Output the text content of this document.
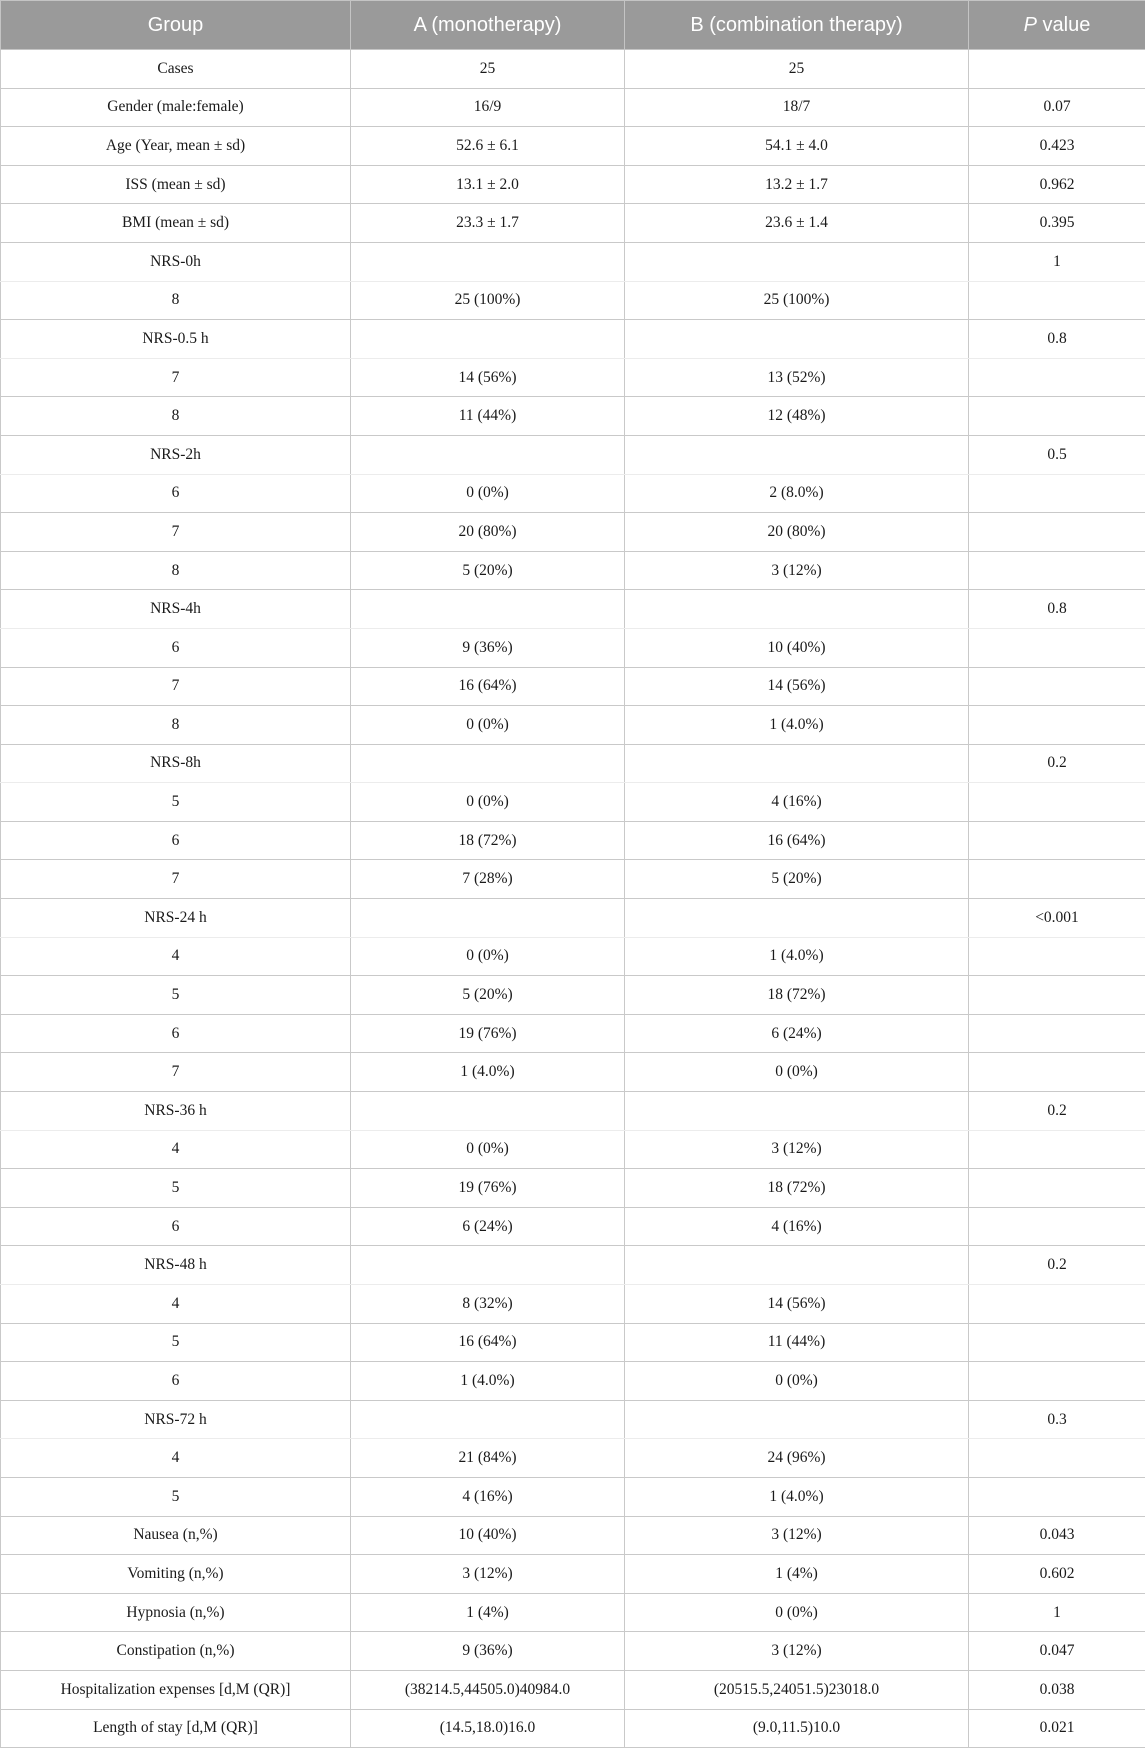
Group	A (monotherapy)	B (combination therapy)	P value
Cases	25	25	
Gender (male:female)	16/9	18/7	0.07
Age (Year, mean ± sd)	52.6 ± 6.1	54.1 ± 4.0	0.423
ISS (mean ± sd)	13.1 ± 2.0	13.2 ± 1.7	0.962
BMI (mean ± sd)	23.3 ± 1.7	23.6 ± 1.4	0.395
NRS-0h			1
8	25 (100%)	25 (100%)	
NRS-0.5 h			0.8
7	14 (56%)	13 (52%)	
8	11 (44%)	12 (48%)	
NRS-2h			0.5
6	0 (0%)	2 (8.0%)	
7	20 (80%)	20 (80%)	
8	5 (20%)	3 (12%)	
NRS-4h			0.8
6	9 (36%)	10 (40%)	
7	16 (64%)	14 (56%)	
8	0 (0%)	1 (4.0%)	
NRS-8h			0.2
5	0 (0%)	4 (16%)	
6	18 (72%)	16 (64%)	
7	7 (28%)	5 (20%)	
NRS-24 h			<0.001
4	0 (0%)	1 (4.0%)	
5	5 (20%)	18 (72%)	
6	19 (76%)	6 (24%)	
7	1 (4.0%)	0 (0%)	
NRS-36 h			0.2
4	0 (0%)	3 (12%)	
5	19 (76%)	18 (72%)	
6	6 (24%)	4 (16%)	
NRS-48 h			0.2
4	8 (32%)	14 (56%)	
5	16 (64%)	11 (44%)	
6	1 (4.0%)	0 (0%)	
NRS-72 h			0.3
4	21 (84%)	24 (96%)	
5	4 (16%)	1 (4.0%)	
Nausea (n,%)	10 (40%)	3 (12%)	0.043
Vomiting (n,%)	3 (12%)	1 (4%)	0.602
Hypnosia (n,%)	1 (4%)	0 (0%)	1
Constipation (n,%)	9 (36%)	3 (12%)	0.047
Hospitalization expenses [d,M (QR)]	(38214.5,44505.0)40984.0	(20515.5,24051.5)23018.0	0.038
Length of stay [d,M (QR)]	(14.5,18.0)16.0	(9.0,11.5)10.0	0.021
